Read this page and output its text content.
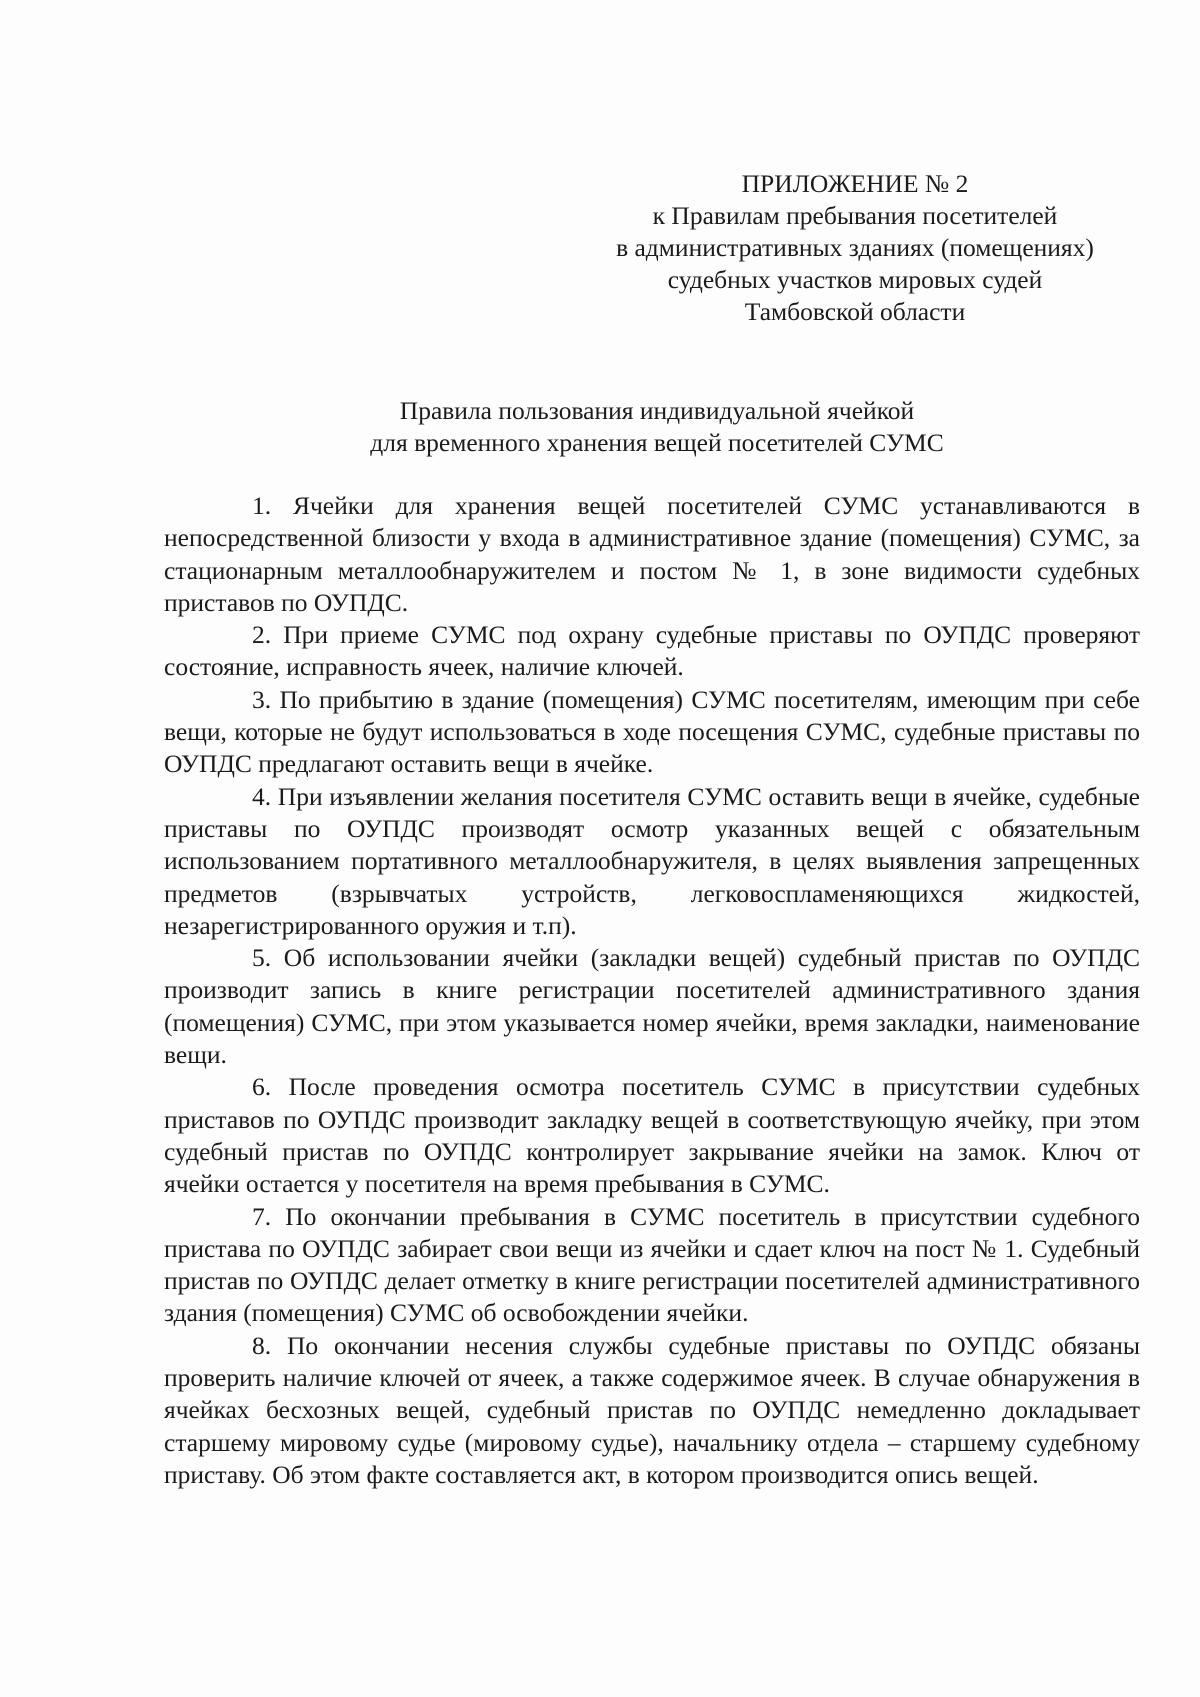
ПРИЛОЖЕНИЕ № 2
к Правилам пребывания посетителей
в административных зданиях (помещениях)
судебных участков мировых судей
Тамбовской области
Правила пользования индивидуальной ячейкой
для временного хранения вещей посетителей СУМС

1. Ячейки для хранения вещей посетителей СУМС устанавливаются в непосредственной близости у входа в административное здание (помещения) СУМС, за стационарным металлообнаружителем и постом № 1, в зоне видимости судебных приставов по ОУПДС.

2. При приеме СУМС под охрану судебные приставы по ОУПДС проверяют состояние, исправность ячеек, наличие ключей.

3. По прибытию в здание (помещения) СУМС посетителям, имеющим при себе вещи, которые не будут использоваться в ходе посещения СУМС, судебные приставы по ОУПДС предлагают оставить вещи в ячейке.

4. При изъявлении желания посетителя СУМС оставить вещи в ячейке, судебные приставы по ОУПДС производят осмотр указанных вещей с обязательным использованием портативного металлообнаружителя, в целях выявления запрещенных предметов (взрывчатых устройств, легковоспламеняющихся жидкостей, незарегистрированного оружия и т.п).

5. Об использовании ячейки (закладки вещей) судебный пристав по ОУПДС производит запись в книге регистрации посетителей административного здания (помещения) СУМС, при этом указывается номер ячейки, время закладки, наименование вещи.

6. После проведения осмотра посетитель СУМС в присутствии судебных приставов по ОУПДС производит закладку вещей в соответствующую ячейку, при этом судебный пристав по ОУПДС контролирует закрывание ячейки на замок. Ключ от ячейки остается у посетителя на время пребывания в СУМС.

7. По окончании пребывания в СУМС посетитель в присутствии судебного пристава по ОУПДС забирает свои вещи из ячейки и сдает ключ на пост № 1. Судебный пристав по ОУПДС делает отметку в книге регистрации посетителей административного здания (помещения) СУМС об освобождении ячейки.

8. По окончании несения службы судебные приставы по ОУПДС обязаны проверить наличие ключей от ячеек, а также содержимое ячеек. В случае обнаружения в ячейках бесхозных вещей, судебный пристав по ОУПДС немедленно докладывает старшему мировому судье (мировому судье), начальнику отдела – старшему судебному приставу. Об этом факте составляется акт, в котором производится опись вещей.
